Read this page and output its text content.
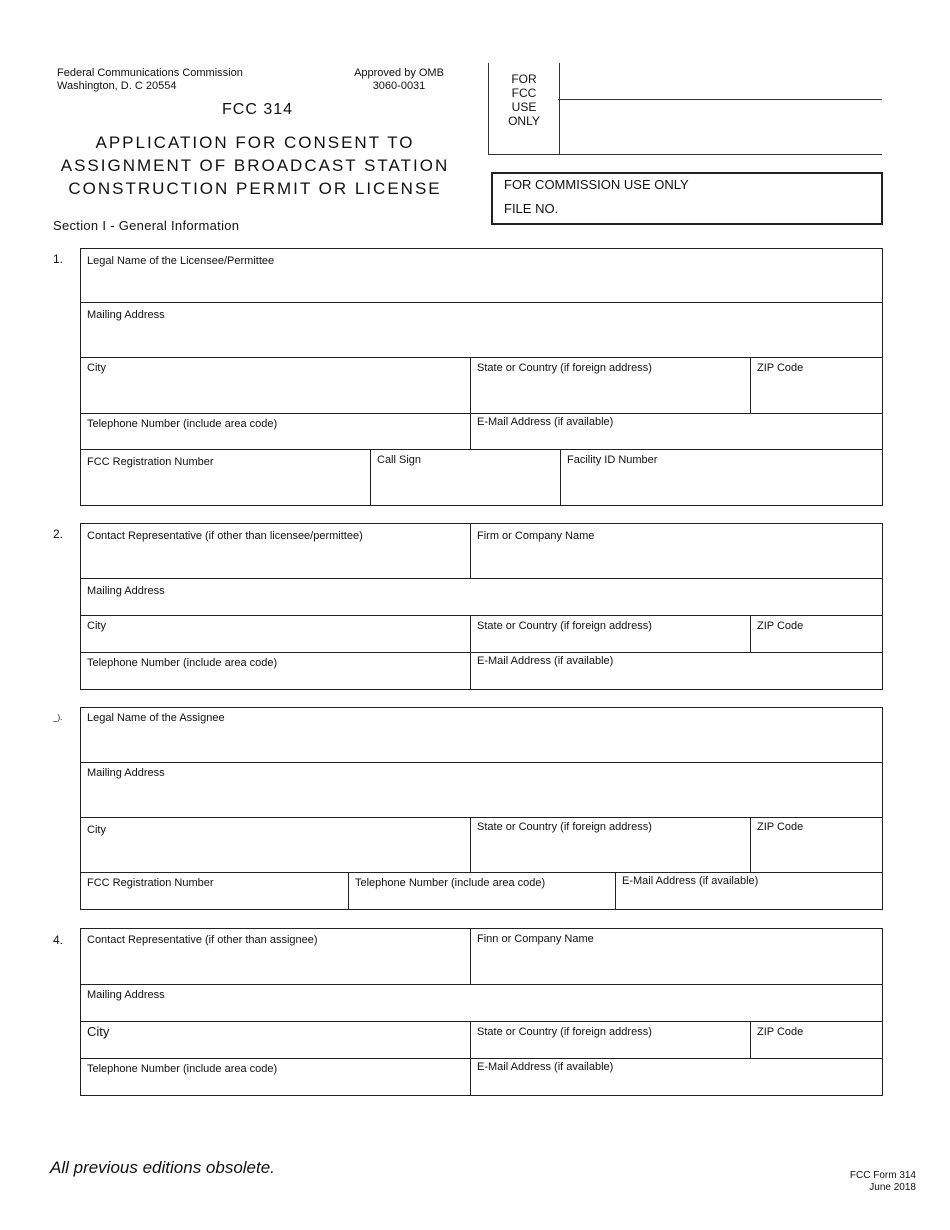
Federal Communications Commission
Washington, D. C 20554
Approved by OMB
3060-0031
FCC 314
APPLICATION FOR CONSENT TO
ASSIGNMENT OF BROADCAST STATION
CONSTRUCTION PERMIT OR LICENSE
FOR
FCC
USE
ONLY
FOR COMMISSION USE ONLY
FILE NO.
Section I - General Information
1. Legal Name of the Licensee/Permittee
Mailing Address
City	State or Country (if foreign address)	ZIP Code
Telephone Number (include area code)	E-Mail Address (if available)
FCC Registration Number	Call Sign	Facility ID Number
2. Contact Representative (if other than licensee/permittee)	Firm or Company Name
Mailing Address
City	State or Country (if foreign address)	ZIP Code
Telephone Number (include area code)	E-Mail Address (if available)
_). Legal Name of the Assignee
Mailing Address
City	State or Country (if foreign address)	ZIP Code
FCC Registration Number	Telephone Number (include area code)	E-Mail Address (if available)
4. Contact Representative (if other than assignee)	Finn or Company Name
Mailing Address
City	State or Country (if foreign address)	ZIP Code
Telephone Number (include area code)	E-Mail Address (if available)
All previous editions obsolete.	FCC Form 314
June 2018
